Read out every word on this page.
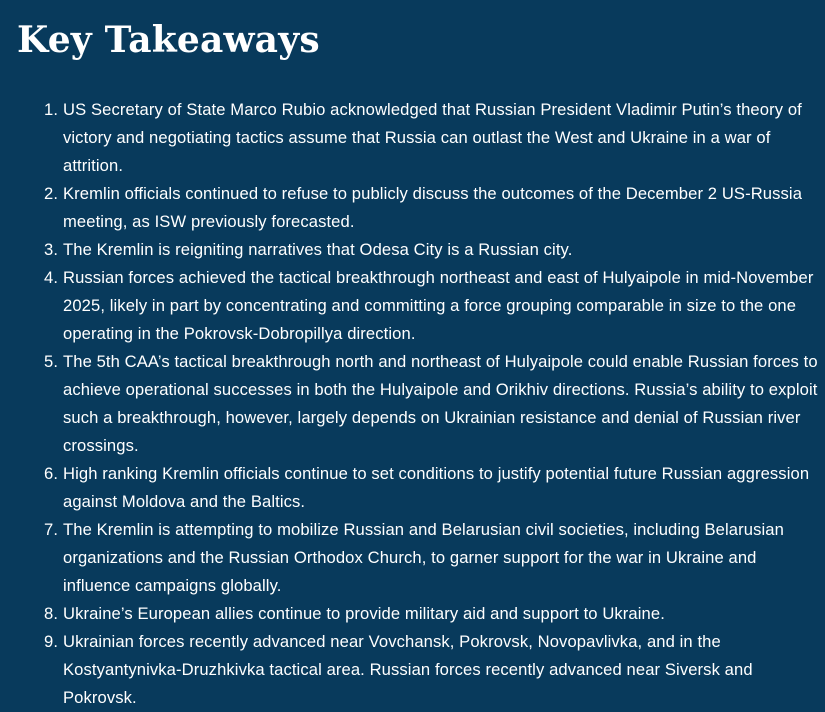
Key Takeaways
1. US Secretary of State Marco Rubio acknowledged that Russian President Vladimir Putin’s theory of victory and negotiating tactics assume that Russia can outlast the West and Ukraine in a war of attrition.
2. Kremlin officials continued to refuse to publicly discuss the outcomes of the December 2 US-Russia meeting, as ISW previously forecasted.
3. The Kremlin is reigniting narratives that Odesa City is a Russian city.
4. Russian forces achieved the tactical breakthrough northeast and east of Hulyaipole in mid-November 2025, likely in part by concentrating and committing a force grouping comparable in size to the one operating in the Pokrovsk-Dobropillya direction.
5. The 5th CAA’s tactical breakthrough north and northeast of Hulyaipole could enable Russian forces to achieve operational successes in both the Hulyaipole and Orikhiv directions. Russia’s ability to exploit such a breakthrough, however, largely depends on Ukrainian resistance and denial of Russian river crossings.
6. High ranking Kremlin officials continue to set conditions to justify potential future Russian aggression against Moldova and the Baltics.
7. The Kremlin is attempting to mobilize Russian and Belarusian civil societies, including Belarusian organizations and the Russian Orthodox Church, to garner support for the war in Ukraine and influence campaigns globally.
8. Ukraine’s European allies continue to provide military aid and support to Ukraine.
9. Ukrainian forces recently advanced near Vovchansk, Pokrovsk, Novopavlivka, and in the Kostyantynivka-Druzhkivka tactical area. Russian forces recently advanced near Siversk and Pokrovsk.
